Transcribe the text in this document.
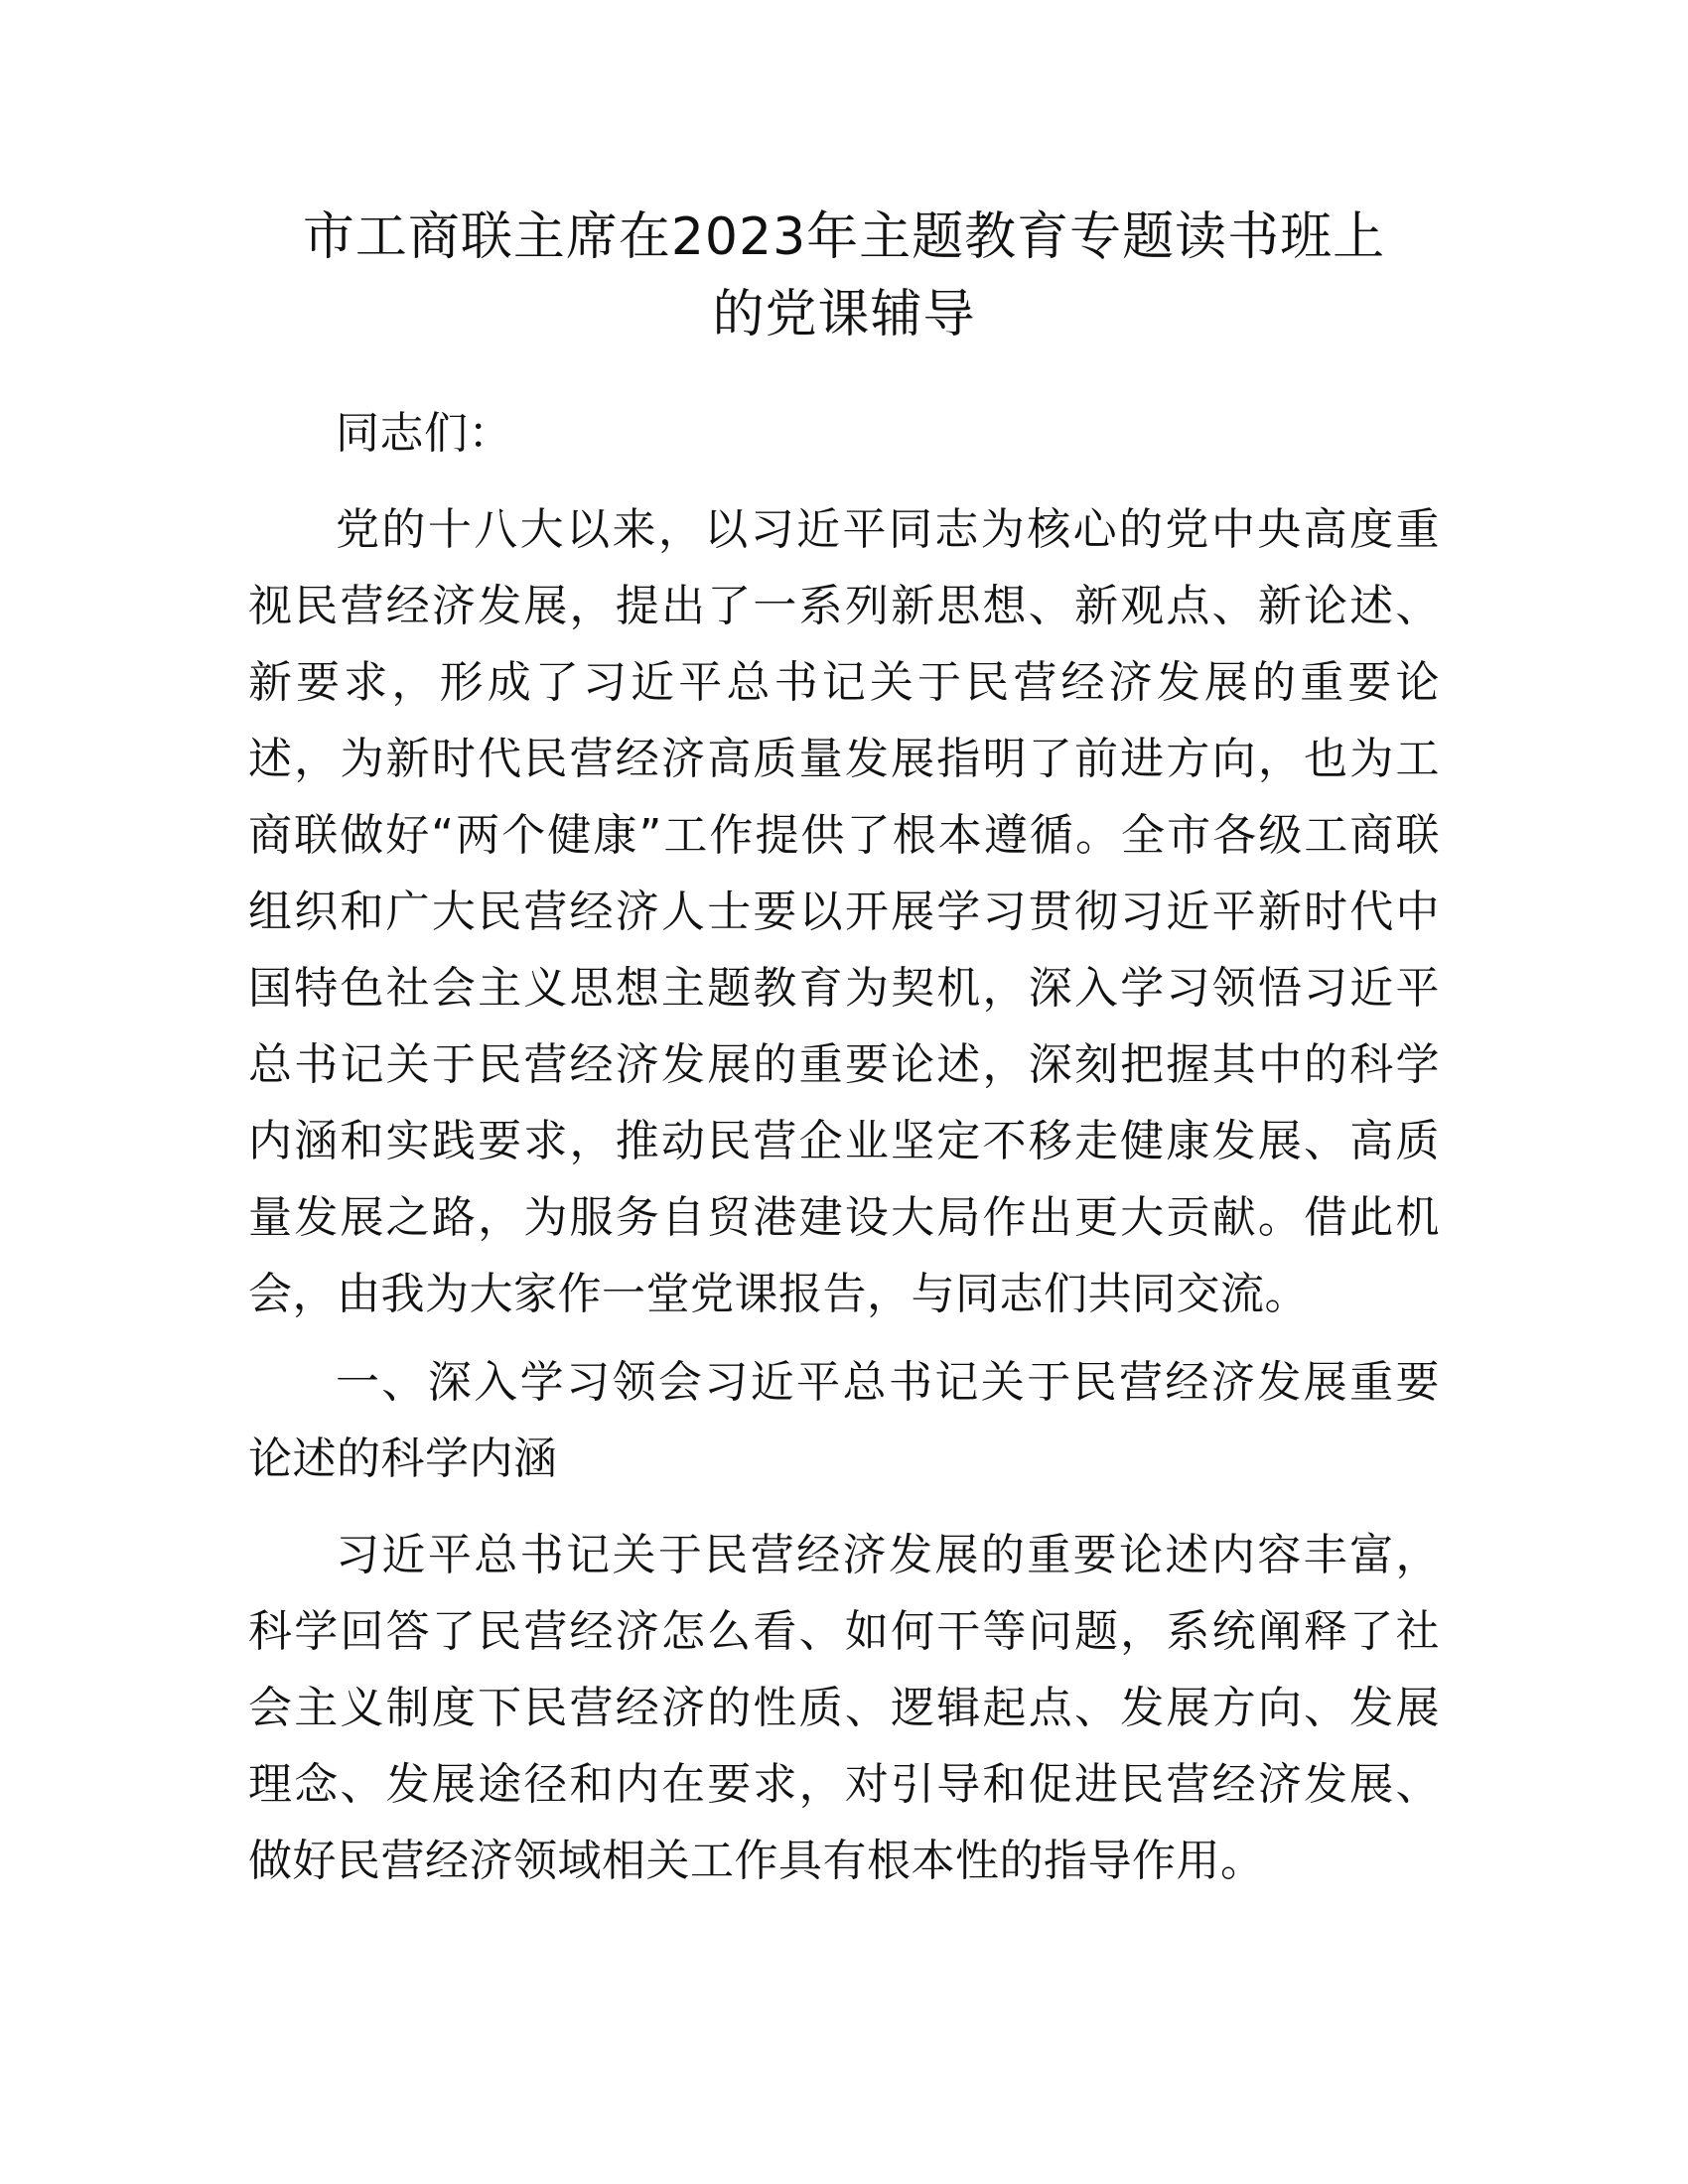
市工商联主席在2023年主题教育专题读书班上
的党课辅导

同志们：

党的十八大以来，以习近平同志为核心的党中央高度重视民营经济发展，提出了一系列新思想、新观点、新论述、新要求，形成了习近平总书记关于民营经济发展的重要论述，为新时代民营经济高质量发展指明了前进方向，也为工商联做好“两个健康”工作提供了根本遵循。全市各级工商联组织和广大民营经济人士要以开展学习贯彻习近平新时代中国特色社会主义思想主题教育为契机，深入学习领悟习近平总书记关于民营经济发展的重要论述，深刻把握其中的科学内涵和实践要求，推动民营企业坚定不移走健康发展、高质量发展之路，为服务自贸港建设大局作出更大贡献。借此机会，由我为大家作一堂党课报告，与同志们共同交流。

一、深入学习领会习近平总书记关于民营经济发展重要论述的科学内涵

习近平总书记关于民营经济发展的重要论述内容丰富，科学回答了民营经济怎么看、如何干等问题，系统阐释了社会主义制度下民营经济的性质、逻辑起点、发展方向、发展理念、发展途径和内在要求，对引导和促进民营经济发展、做好民营经济领域相关工作具有根本性的指导作用。
